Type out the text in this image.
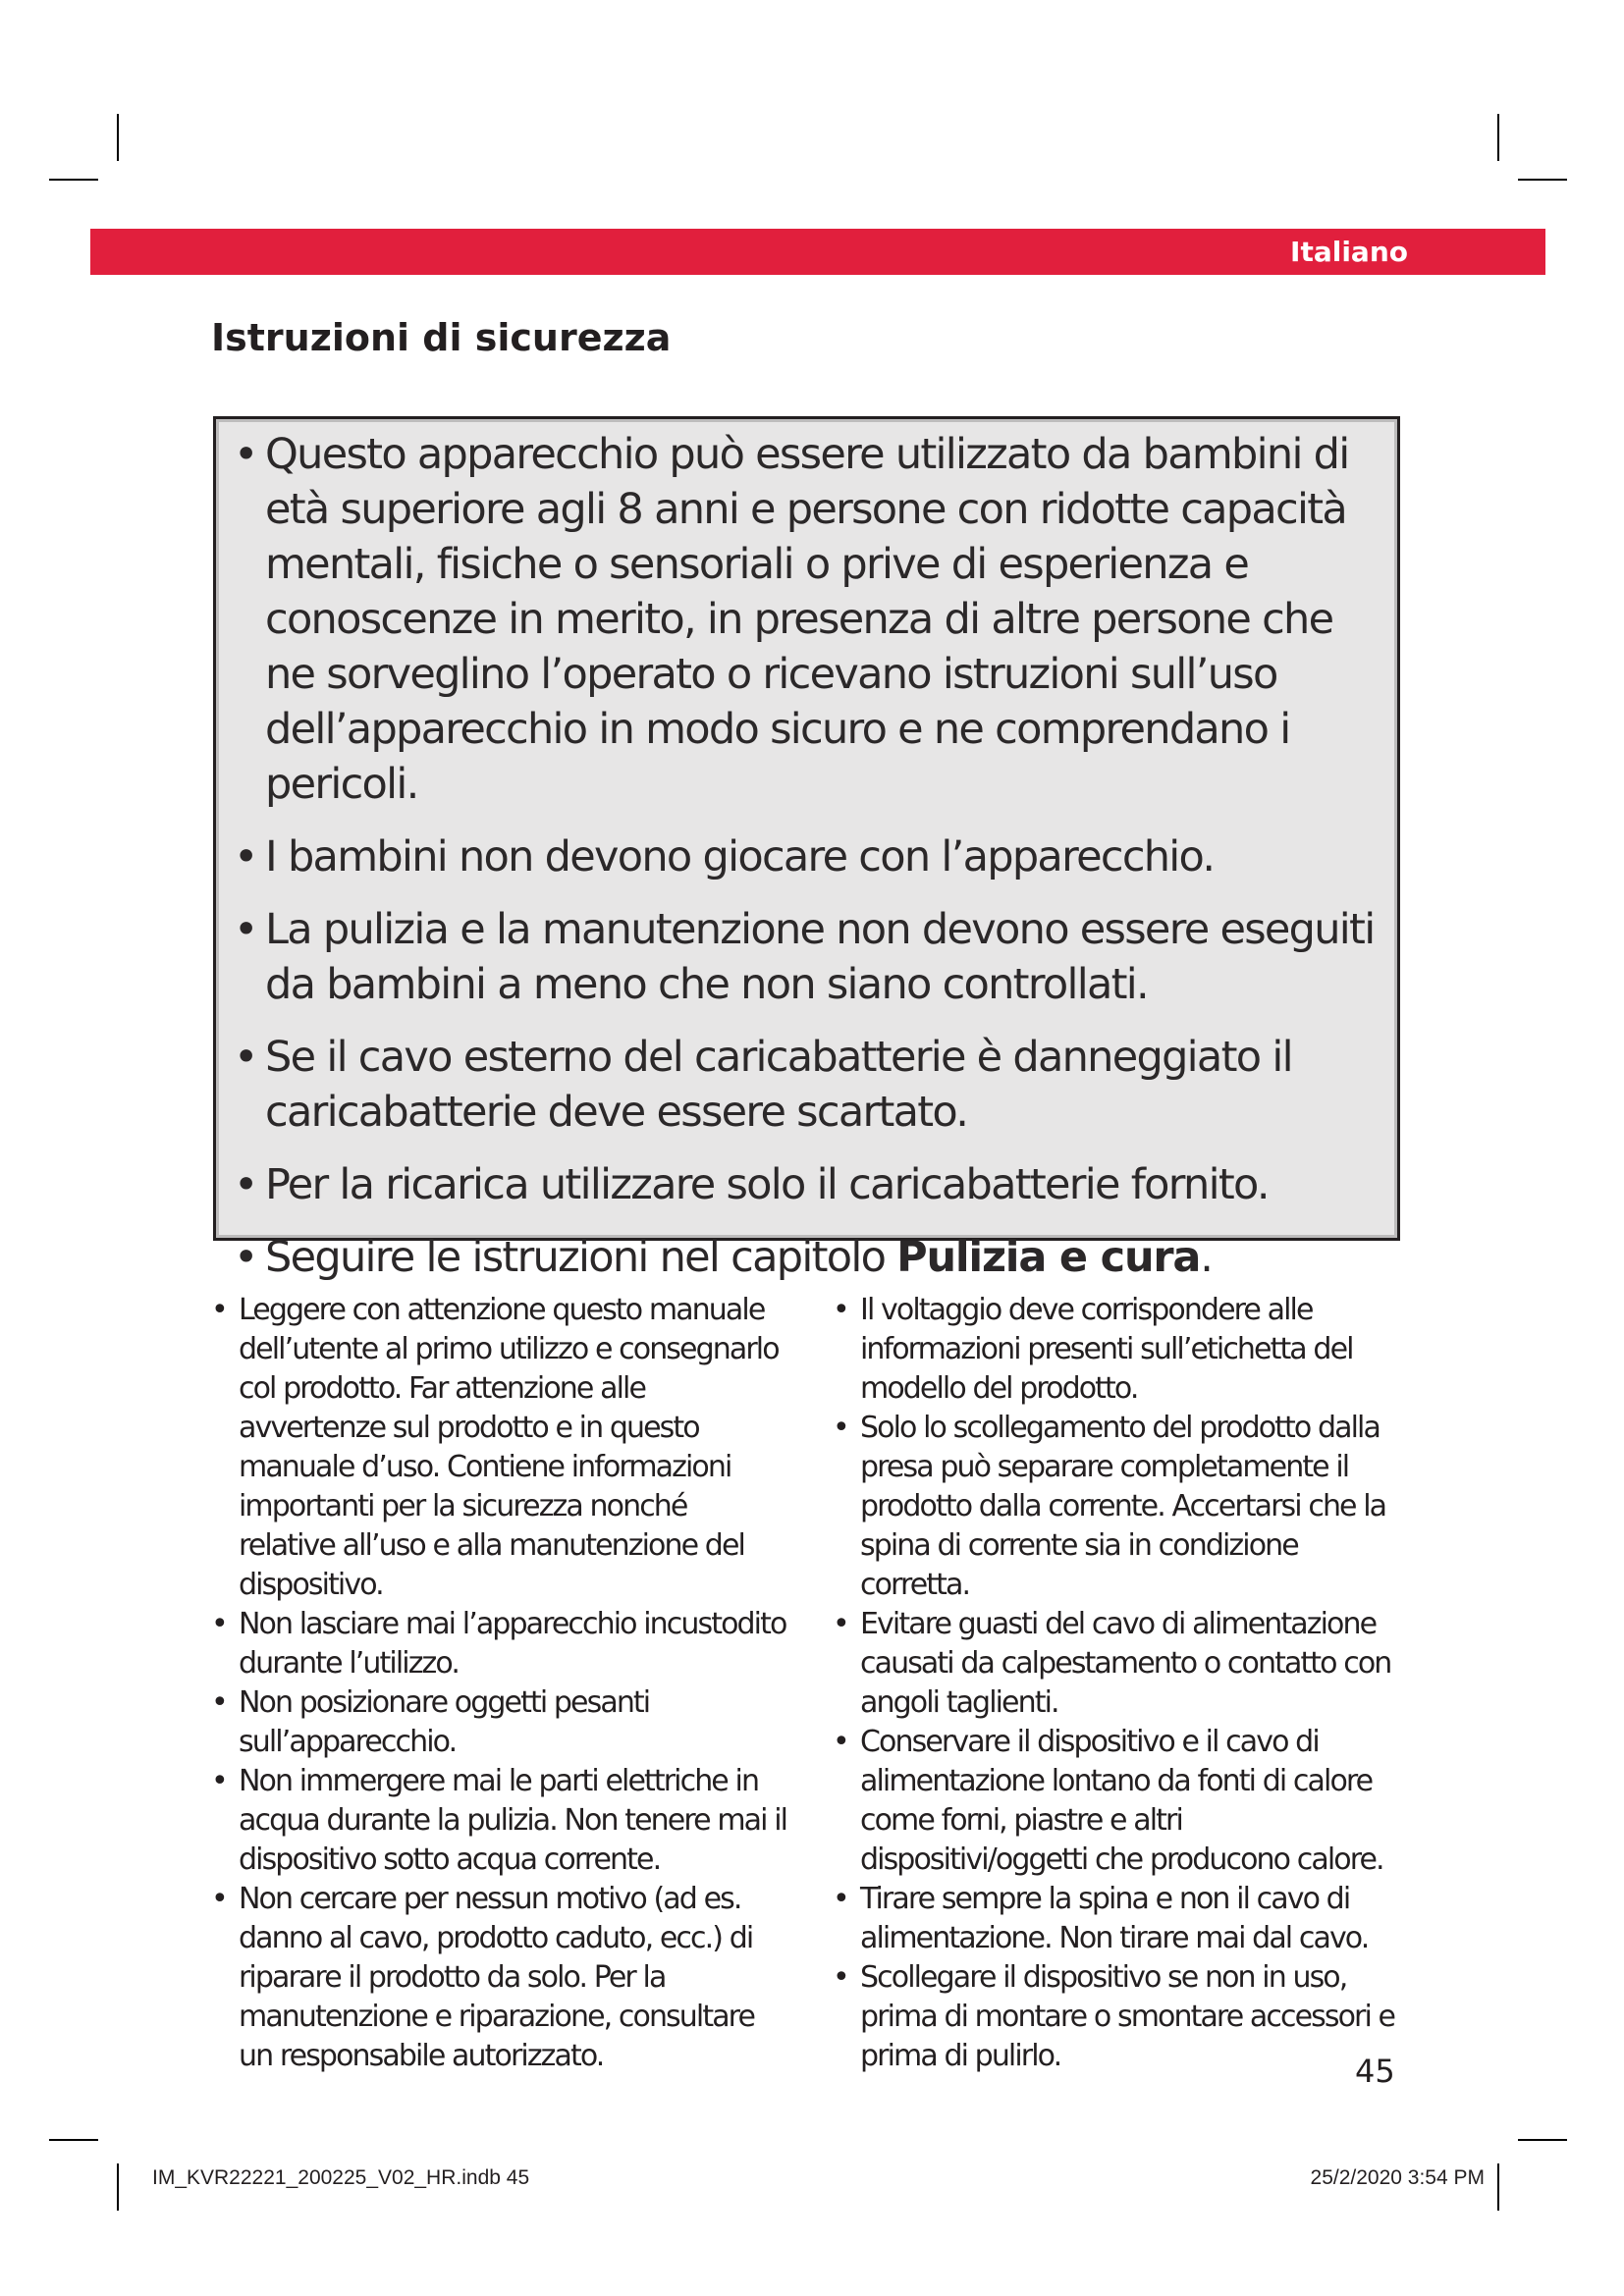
Italiano

Istruzioni di sicurezza
• Questo apparecchio può essere utilizzato da bambini di età superiore agli 8 anni e persone con ridotte capacità mentali, fisiche o sensoriali o prive di esperienza e conoscenze in merito, in presenza di altre persone che ne sorveglino l’operato o ricevano istruzioni sull’uso dell’apparecchio in modo sicuro e ne comprendano i pericoli.
• I bambini non devono giocare con l’apparecchio.
• La pulizia e la manutenzione non devono essere eseguiti da bambini a meno che non siano controllati.
• Se il cavo esterno del caricabatterie è danneggiato il caricabatterie deve essere scartato.
• Per la ricarica utilizzare solo il caricabatterie fornito.
• Seguire le istruzioni nel capitolo Pulizia e cura.
• Leggere con attenzione questo manuale dell’utente al primo utilizzo e consegnarlo col prodotto. Far attenzione alle avvertenze sul prodotto e in questo manuale d’uso. Contiene informazioni importanti per la sicurezza nonché relative all’uso e alla manutenzione del dispositivo.
• Non lasciare mai l’apparecchio incustodito durante l’utilizzo.
• Non posizionare oggetti pesanti sull’apparecchio.
• Non immergere mai le parti elettriche in acqua durante la pulizia. Non tenere mai il dispositivo sotto acqua corrente.
• Non cercare per nessun motivo (ad es. danno al cavo, prodotto caduto, ecc.) di riparare il prodotto da solo. Per la manutenzione e riparazione, consultare un responsabile autorizzato.
• Il voltaggio deve corrispondere alle informazioni presenti sull’etichetta del modello del prodotto.
• Solo lo scollegamento del prodotto dalla presa può separare completamente il prodotto dalla corrente. Accertarsi che la spina di corrente sia in condizione corretta.
• Evitare guasti del cavo di alimentazione causati da calpestamento o contatto con angoli taglienti.
• Conservare il dispositivo e il cavo di alimentazione lontano da fonti di calore come forni, piastre e altri dispositivi/oggetti che producono calore.
• Tirare sempre la spina e non il cavo di alimentazione. Non tirare mai dal cavo.
• Scollegare il dispositivo se non in uso, prima di montare o smontare accessori e prima di pulirlo.	45

IM_KVR22221_200225_V02_HR.indb 45	25/2/2020 3:54 PM
